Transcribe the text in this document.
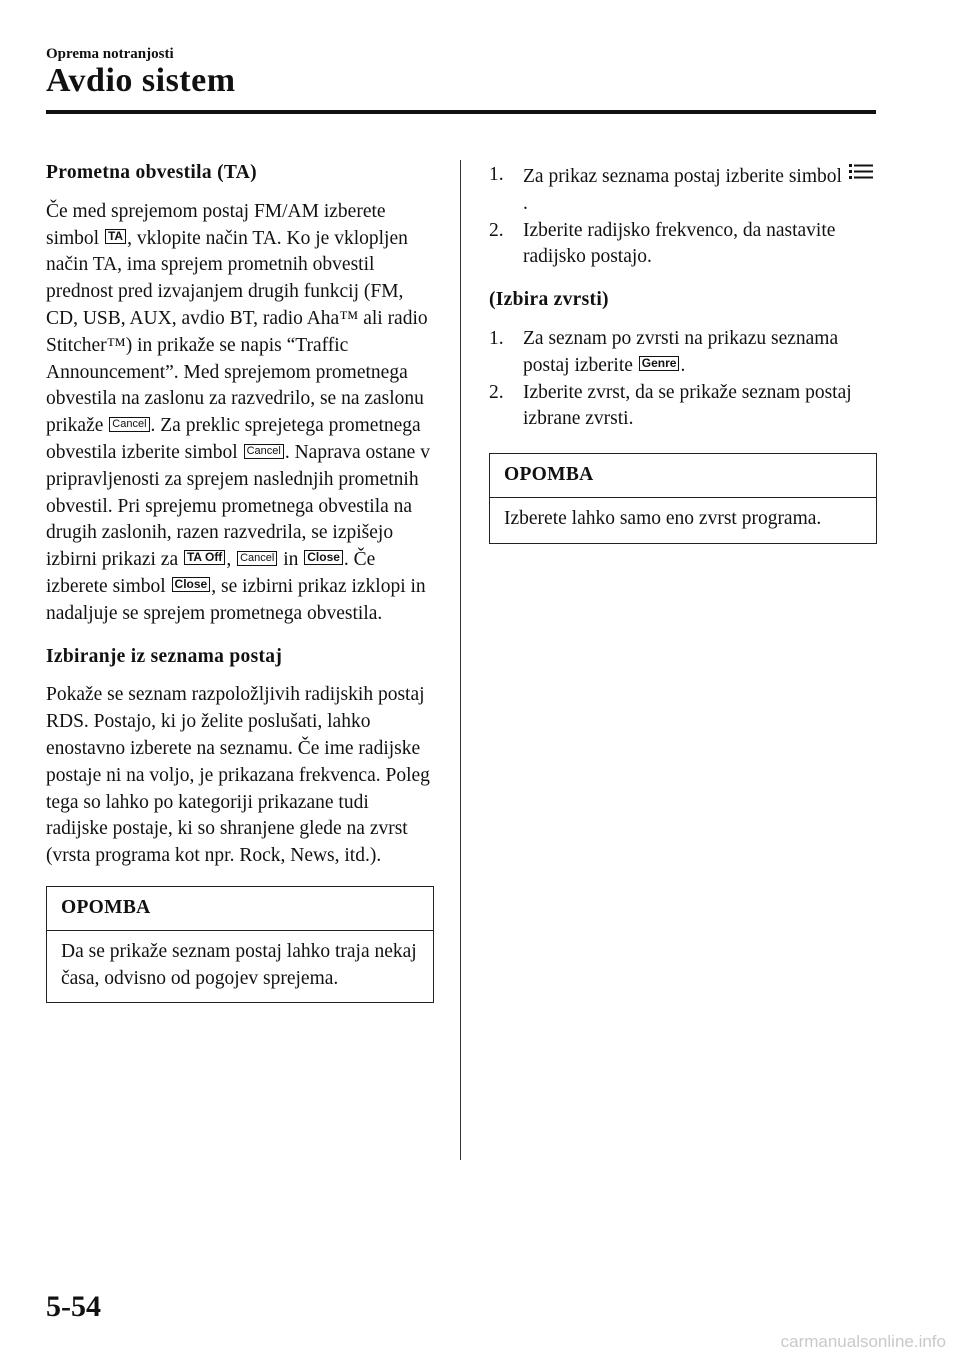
Oprema notranjosti
Avdio sistem
Prometna obvestila (TA)

Če med sprejemom postaj FM/AM izberete simbol TA , vklopite način TA. Ko je vklopljen način TA, ima sprejem prometnih obvestil prednost pred izvajanjem drugih funkcij (FM, CD, USB, AUX, avdio BT, radio Aha™ ali radio Stitcher™) in prikaže se napis “Traffic Announcement”. Med sprejemom prometnega obvestila na zaslonu za razvedrilo, se na zaslonu prikaže Cancel . Za preklic sprejetega prometnega obvestila izberite simbol Cancel . Naprava ostane v pripravljenosti za sprejem naslednjih prometnih obvestil. Pri sprejemu prometnega obvestila na drugih zaslonih, razen razvedrila, se izpišejo izbirni prikazi za TA Off , Cancel in Close . Če izberete simbol Close , se izbirni prikaz izklopi in nadaljuje se sprejem prometnega obvestila.

Izbiranje iz seznama postaj

Pokaže se seznam razpoložljivih radijskih postaj RDS. Postajo, ki jo želite poslušati, lahko enostavno izberete na seznamu. Če ime radijske postaje ni na voljo, je prikazana frekvenca. Poleg tega so lahko po kategoriji prikazane tudi radijske postaje, ki so shranjene glede na zvrst (vrsta programa kot npr. Rock, News, itd.).

OPOMBA
Da se prikaže seznam postaj lahko traja nekaj časa, odvisno od pogojev sprejema.
1. Za prikaz seznama postaj izberite simbol .
2. Izberite radijsko frekvenco, da nastavite radijsko postajo.
(Izbira zvrsti)
1. Za seznam po zvrsti na prikazu seznama postaj izberite Genre .
2. Izberite zvrst, da se prikaže seznam postaj izbrane zvrsti.
OPOMBA
Izberete lahko samo eno zvrst programa.
5-54
carmanualsonline.info
